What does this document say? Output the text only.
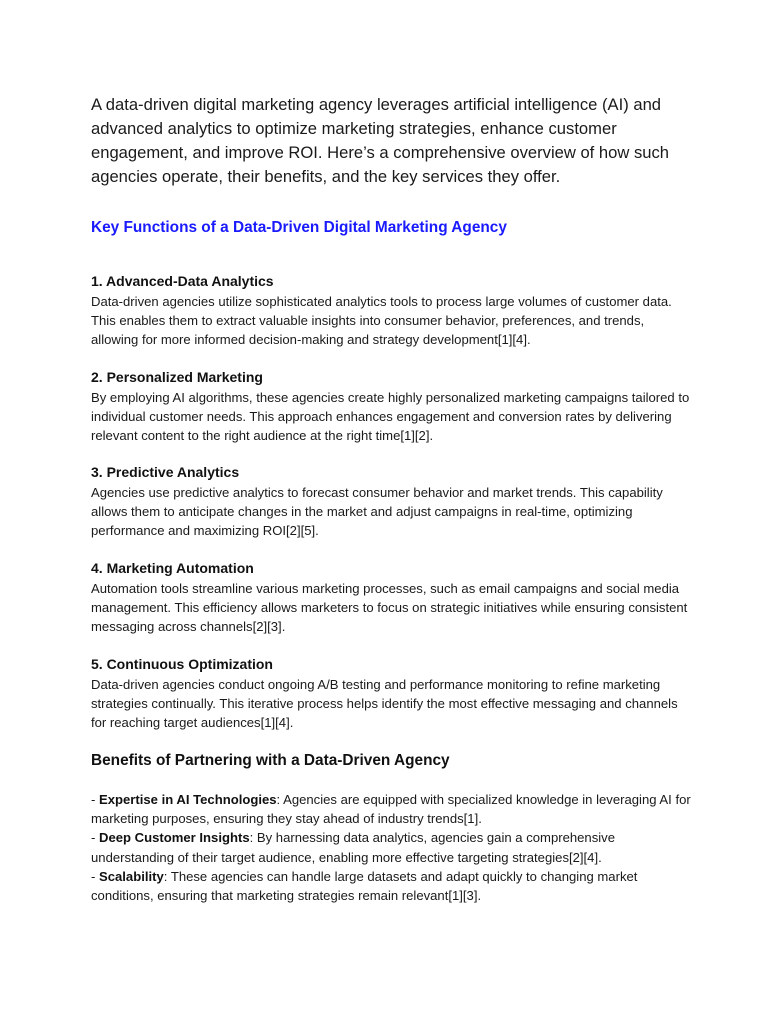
A data-driven digital marketing agency leverages artificial intelligence (AI) and advanced analytics to optimize marketing strategies, enhance customer engagement, and improve ROI. Here’s a comprehensive overview of how such agencies operate, their benefits, and the key services they offer.

Key Functions of a Data-Driven Digital Marketing Agency

1. Advanced-Data Analytics

Data-driven agencies utilize sophisticated analytics tools to process large volumes of customer data. This enables them to extract valuable insights into consumer behavior, preferences, and trends, allowing for more informed decision-making and strategy development[1][4].

2. Personalized Marketing

By employing AI algorithms, these agencies create highly personalized marketing campaigns tailored to individual customer needs. This approach enhances engagement and conversion rates by delivering relevant content to the right audience at the right time[1][2].

3. Predictive Analytics

Agencies use predictive analytics to forecast consumer behavior and market trends. This capability allows them to anticipate changes in the market and adjust campaigns in real-time, optimizing performance and maximizing ROI[2][5].

4. Marketing Automation

Automation tools streamline various marketing processes, such as email campaigns and social media management. This efficiency allows marketers to focus on strategic initiatives while ensuring consistent messaging across channels[2][3].

5. Continuous Optimization

Data-driven agencies conduct ongoing A/B testing and performance monitoring to refine marketing strategies continually. This iterative process helps identify the most effective messaging and channels for reaching target audiences[1][4].

Benefits of Partnering with a Data-Driven Agency

- Expertise in AI Technologies: Agencies are equipped with specialized knowledge in leveraging AI for marketing purposes, ensuring they stay ahead of industry trends[1].

- Deep Customer Insights: By harnessing data analytics, agencies gain a comprehensive understanding of their target audience, enabling more effective targeting strategies[2][4].

- Scalability: These agencies can handle large datasets and adapt quickly to changing market conditions, ensuring that marketing strategies remain relevant[1][3].
